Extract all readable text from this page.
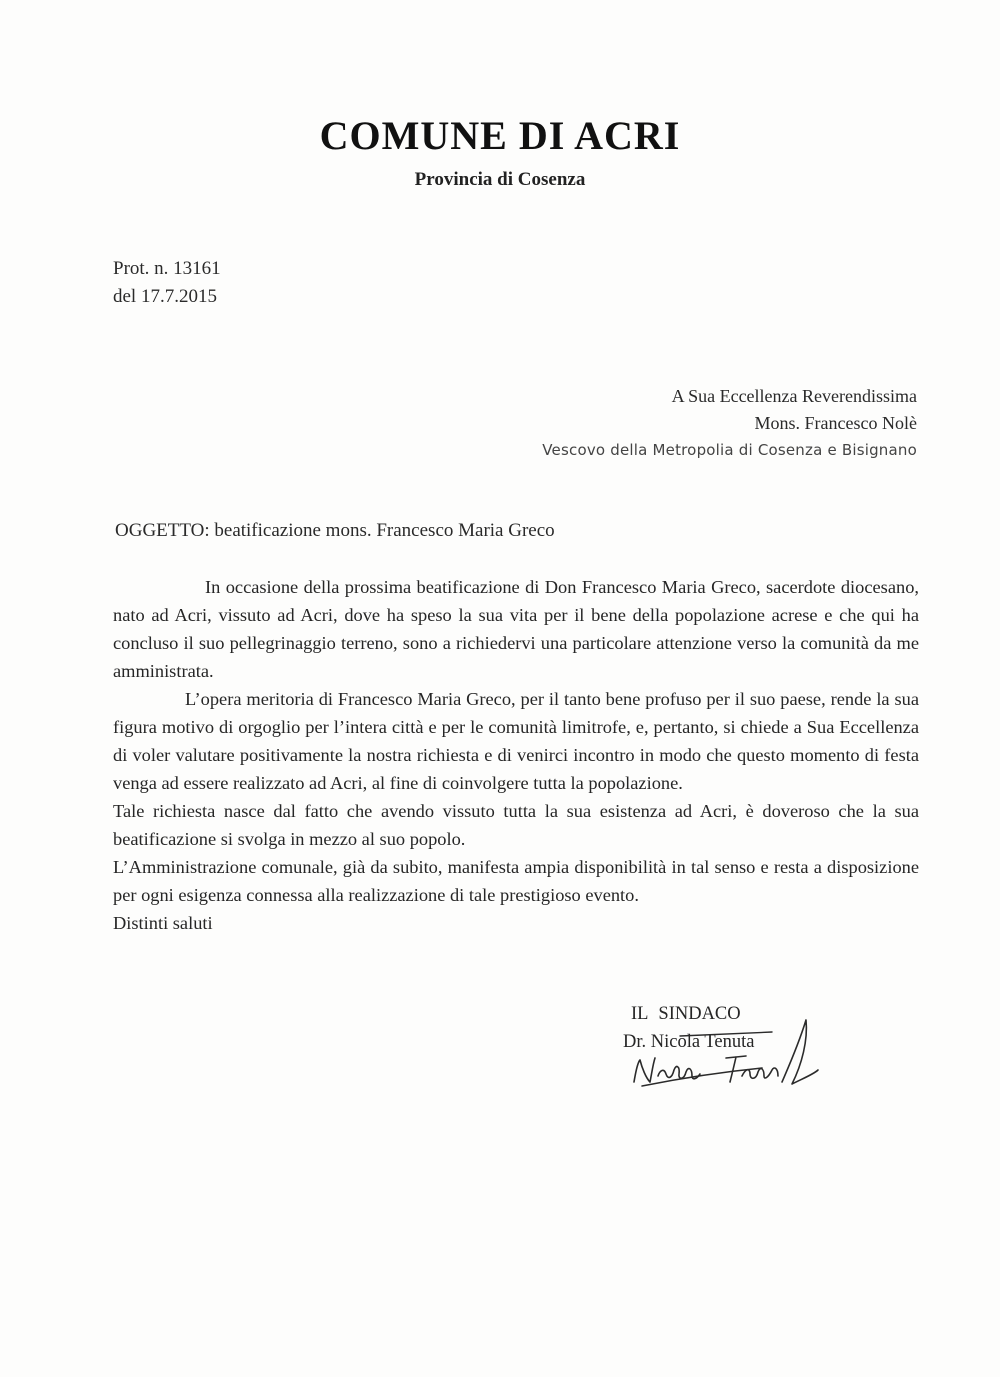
COMUNE DI ACRI
Provincia di Cosenza
Prot. n. 13161
del 17.7.2015
A Sua Eccellenza Reverendissima
Mons. Francesco Nolè
Vescovo della Metropolia di Cosenza e Bisignano
OGGETTO: beatificazione mons. Francesco Maria Greco

In occasione della prossima beatificazione di Don Francesco Maria Greco, sacerdote diocesano, nato ad Acri, vissuto ad Acri, dove ha speso la sua vita per il bene della popolazione acrese e che qui ha concluso il suo pellegrinaggio terreno, sono a richiedervi una particolare attenzione verso la comunità da me amministrata.

L’opera meritoria di Francesco Maria Greco, per il tanto bene profuso per il suo paese, rende la sua figura motivo di orgoglio per l’intera città e per le comunità limitrofe, e, pertanto, si chiede a Sua Eccellenza di voler valutare positivamente la nostra richiesta e di venirci incontro in modo che questo momento di festa venga ad essere realizzato ad Acri, al fine di coinvolgere tutta la popolazione.

Tale richiesta nasce dal fatto che avendo vissuto tutta la sua esistenza ad Acri, è doveroso che la sua beatificazione si svolga in mezzo al suo popolo.

L’Amministrazione comunale, già da subito, manifesta ampia disponibilità in tal senso e resta a disposizione per ogni esigenza connessa alla realizzazione di tale prestigioso evento.

Distinti saluti

IL SINDACO
Dr. Nicola Tenuta
